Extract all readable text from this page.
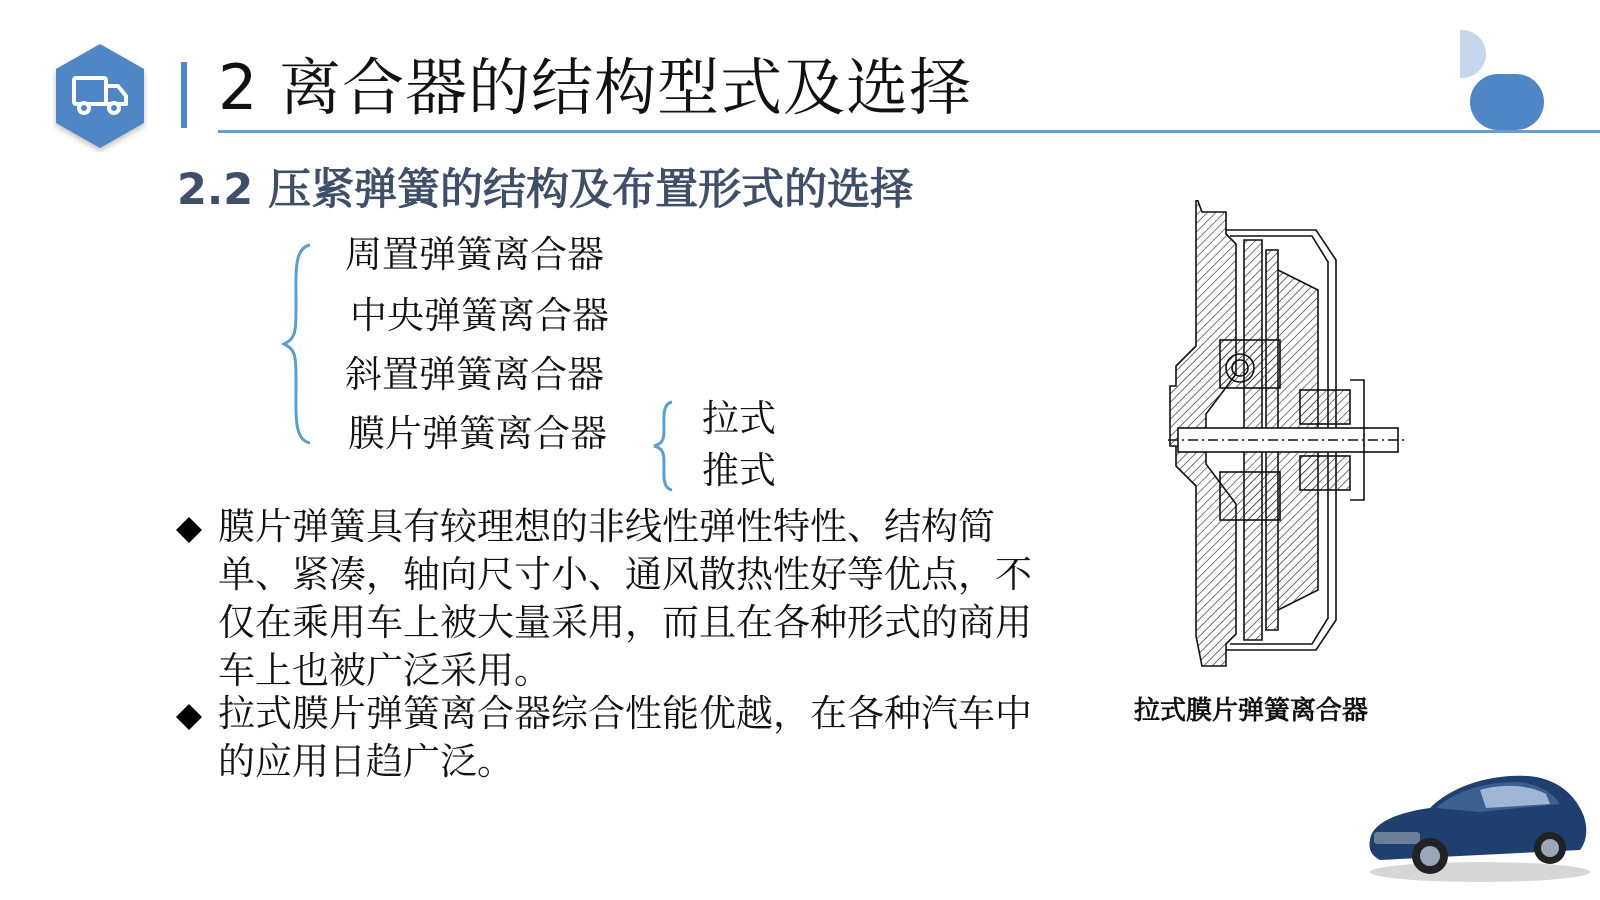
2 离合器的结构型式及选择
2.2 压紧弹簧的结构及布置形式的选择
周置弹簧离合器
中央弹簧离合器
斜置弹簧离合器
膜片弹簧离合器	拉式
推式
膜片弹簧具有较理想的非线性弹性特性、结构简单、紧凑，轴向尺寸小、通风散热性好等优点，不仅在乘用车上被大量采用，而且在各种形式的商用车上也被广泛采用。
拉式膜片弹簧离合器综合性能优越，在各种汽车中的应用日趋广泛。
拉式膜片弹簧离合器
